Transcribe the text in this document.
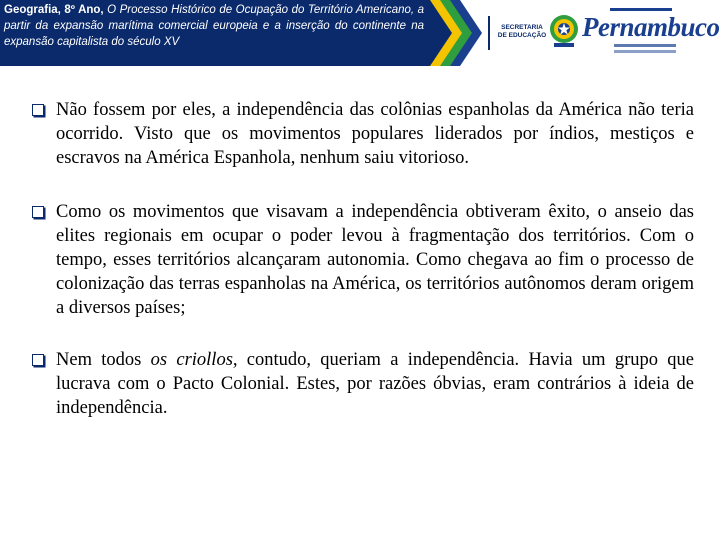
Geografia, 8º Ano, O Processo Histórico de Ocupação do Território Americano, a partir da expansão marítima comercial europeia e a inserção do continente na expansão capitalista do século XV
SECRETARIA
DE EDUCAÇÃO Pernambuco
Não fossem por eles, a independência das colônias espanholas da América não teria ocorrido. Visto que os movimentos populares liderados por índios, mestiços e escravos na América Espanhola, nenhum saiu vitorioso.
Como os movimentos que visavam a independência obtiveram êxito, o anseio das elites regionais em ocupar o poder levou à fragmentação dos territórios. Com o tempo, esses territórios alcançaram autonomia. Como chegava ao fim o processo de colonização das terras espanholas na América, os territórios autônomos deram origem a diversos países;
Nem todos os criollos, contudo, queriam a independência. Havia um grupo que lucrava com o Pacto Colonial. Estes, por razões óbvias, eram contrários à ideia de independência.
